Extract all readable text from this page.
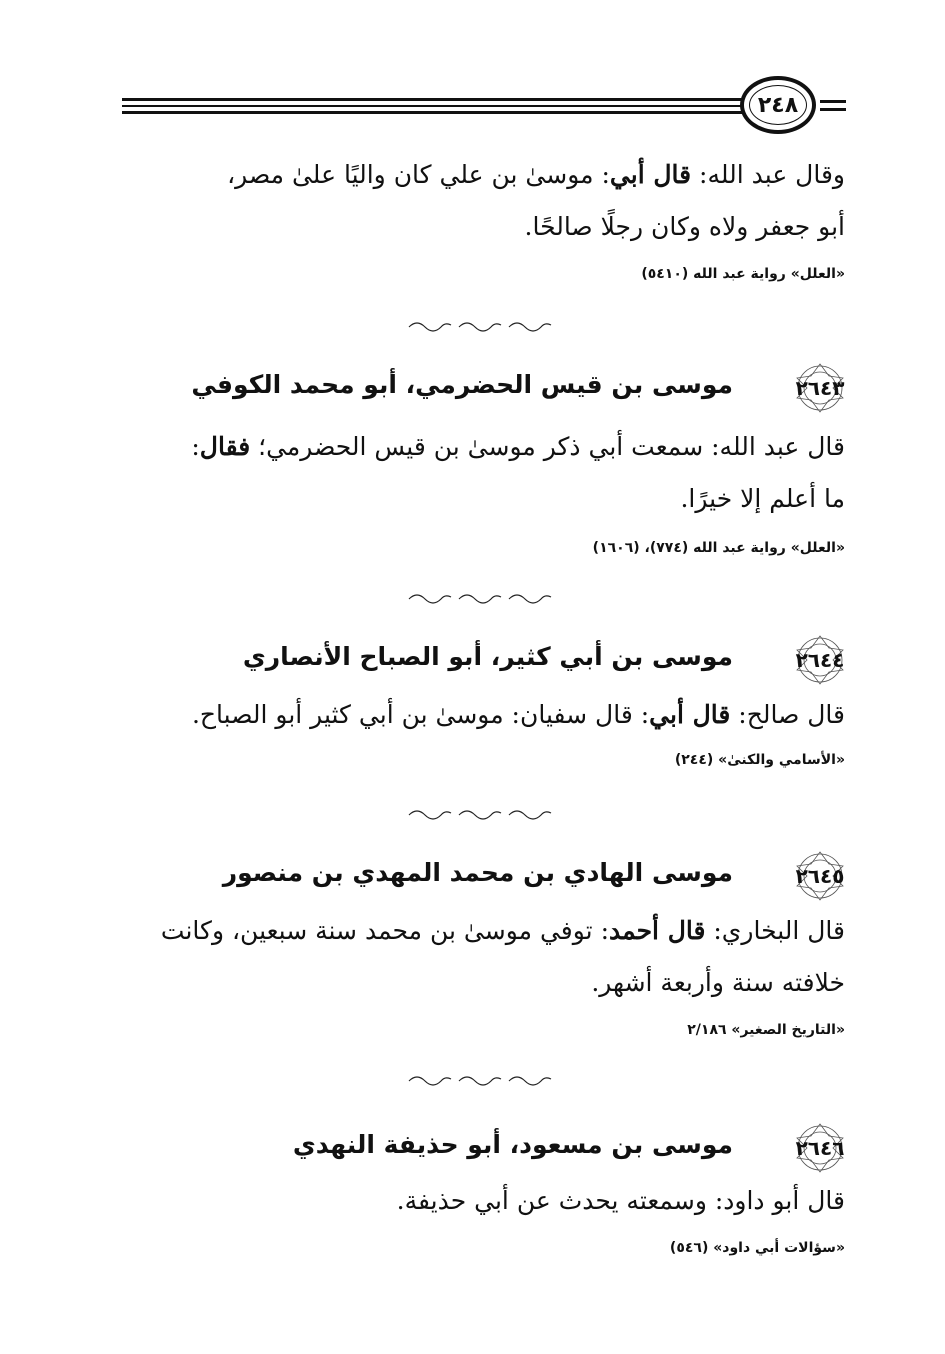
٢٤٨
وقال عبد الله: قال أبي: موسىٰ بن علي كان واليًا علىٰ مصر،
أبو جعفر ولاه وكان رجلًا صالحًا.
«العلل» رواية عبد الله (٥٤١٠)
٢٦٤٣
موسى بن قيس الحضرمي، أبو محمد الكوفي
قال عبد الله: سمعت أبي ذكر موسىٰ بن قيس الحضرمي؛ فقال:
ما أعلم إلا خيرًا.
«العلل» رواية عبد الله (٧٧٤)، (١٦٠٦)
٢٦٤٤
موسى بن أبي كثير، أبو الصباح الأنصاري
قال صالح: قال أبي: قال سفيان: موسىٰ بن أبي كثير أبو الصباح.
«الأسامي والكنىٰ» (٢٤٤)
٢٦٤٥
موسى الهادي بن محمد المهدي بن منصور
قال البخاري: قال أحمد: توفي موسىٰ بن محمد سنة سبعين، وكانت
خلافته سنة وأربعة أشهر.
«التاريخ الصغير» ٢/١٨٦
٢٦٤٦
موسى بن مسعود، أبو حذيفة النهدي
قال أبو داود: وسمعته يحدث عن أبي حذيفة.
«سؤالات أبي داود» (٥٤٦)
